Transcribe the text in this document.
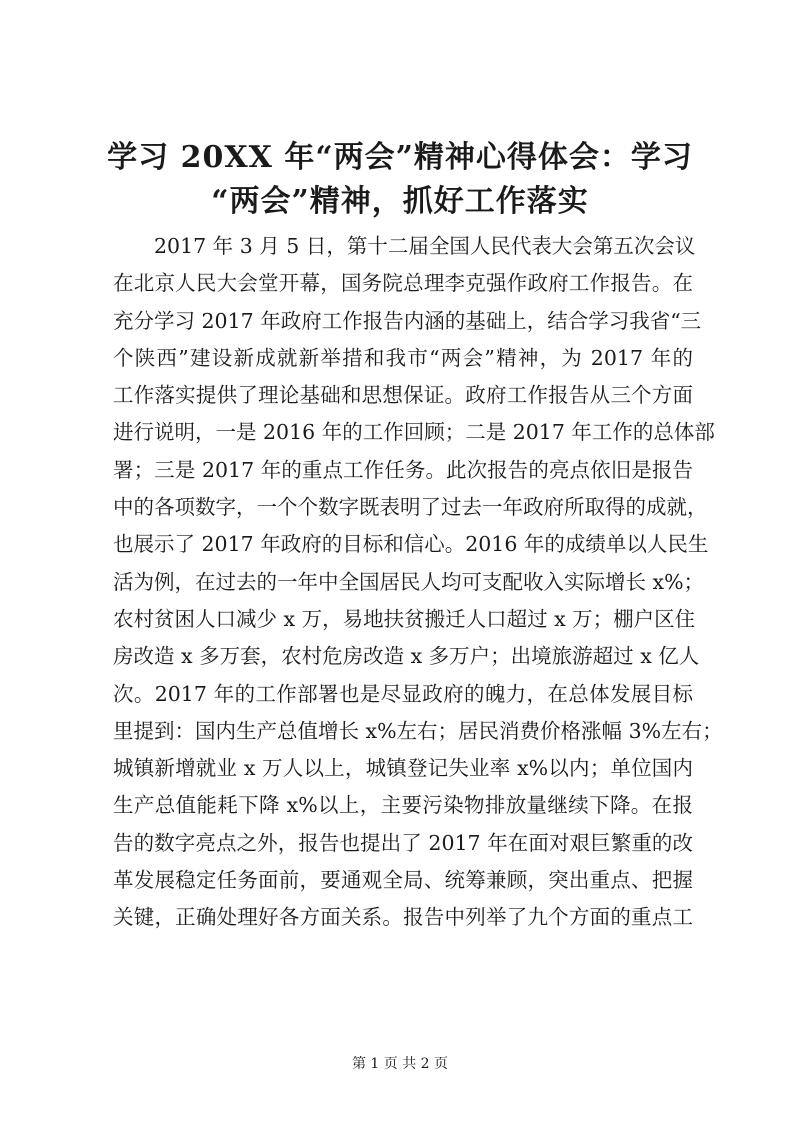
学习 20XX 年“两会”精神心得体会：学习
“两会”精神，抓好工作落实
2017 年 3 月 5 日，第十二届全国人民代表大会第五次会议
在北京人民大会堂开幕，国务院总理李克强作政府工作报告。在
充分学习 2017 年政府工作报告内涵的基础上，结合学习我省“三
个陕西”建设新成就新举措和我市“两会”精神，为 2017 年的
工作落实提供了理论基础和思想保证。政府工作报告从三个方面
进行说明，一是 2016 年的工作回顾；二是 2017 年工作的总体部
署；三是 2017 年的重点工作任务。此次报告的亮点依旧是报告
中的各项数字，一个个数字既表明了过去一年政府所取得的成就，
也展示了 2017 年政府的目标和信心。2016 年的成绩单以人民生
活为例，在过去的一年中全国居民人均可支配收入实际增长 x%；
农村贫困人口减少 x 万，易地扶贫搬迁人口超过 x 万；棚户区住
房改造 x 多万套，农村危房改造 x 多万户；出境旅游超过 x 亿人
次。2017 年的工作部署也是尽显政府的魄力，在总体发展目标
里提到：国内生产总值增长 x%左右；居民消费价格涨幅 3%左右；
城镇新增就业 x 万人以上，城镇登记失业率 x%以内；单位国内
生产总值能耗下降 x%以上，主要污染物排放量继续下降。在报
告的数字亮点之外，报告也提出了 2017 年在面对艰巨繁重的改
革发展稳定任务面前，要通观全局、统筹兼顾，突出重点、把握
关键，正确处理好各方面关系。报告中列举了九个方面的重点工
第 1 页 共 2 页
